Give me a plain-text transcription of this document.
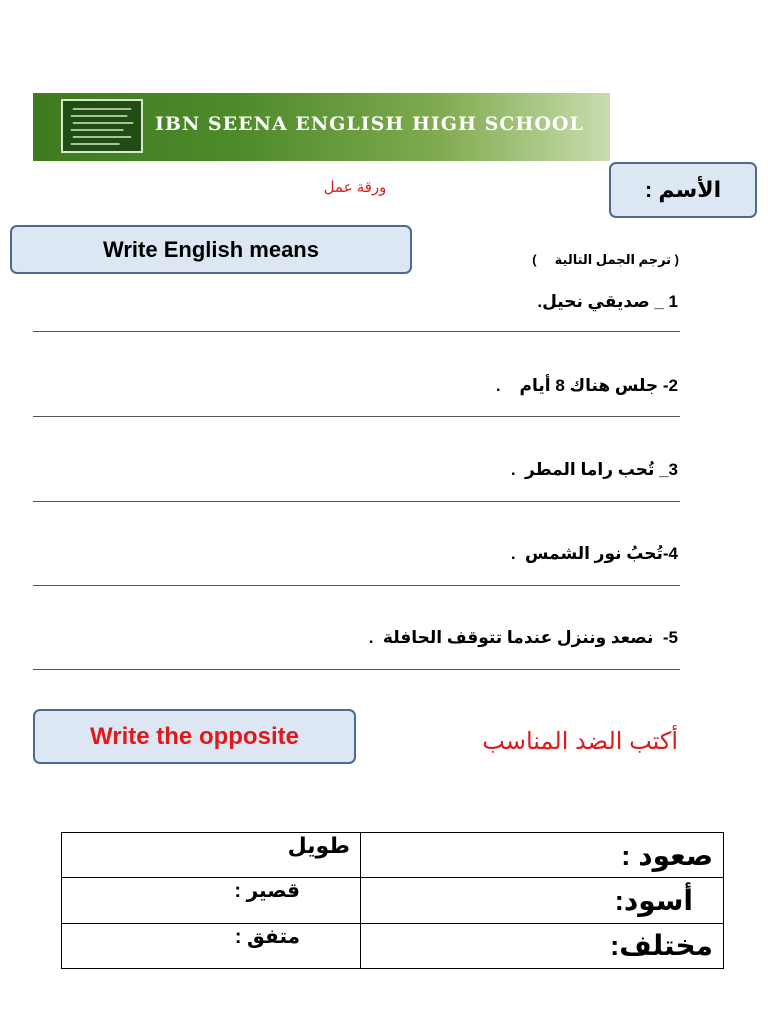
IBN SEENA ENGLISH HIGH SCHOOL
الأسم :
ورقة عمل
Write English means	( ترجم الجمل التالية     )
1 _ صديقي نحيل.
2- جلس هناك 8 أيام    .
3_ تُحب راما المطر  .
4-تُحبُ نور الشمس  .
5-  نصعد وننزل عندما تتوقف الحافلة  .
Write the opposite	أكتب الضد المناسب
صعود :	طويل
أسود:	قصير :
مختلف:	متفق :
